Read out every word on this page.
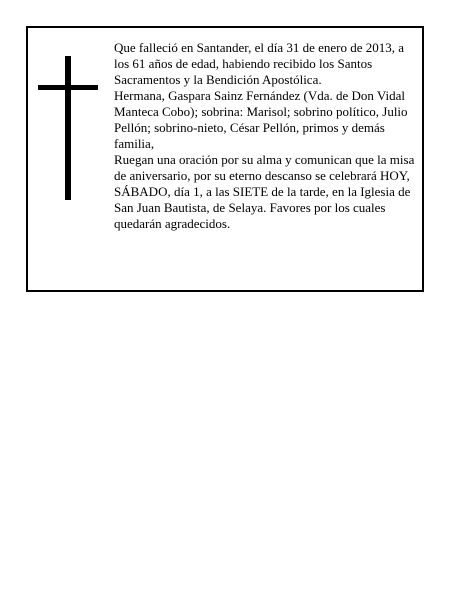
Que falleció en Santander, el día 31 de enero de 2013, a los 61 años de edad, habiendo recibido los Santos Sacramentos y la Bendición Apostólica.

Hermana, Gaspara Sainz Fernández (Vda. de Don Vidal Manteca Cobo); sobrina: Marisol; sobrino político, Julio Pellón; sobrino-nieto, César Pellón, primos y demás familia,

Ruegan una oración por su alma y comunican que la misa de aniversario, por su eterno descanso se celebrará HOY, SÁBADO, día 1, a las SIETE de la tarde, en la Iglesia de San Juan Bautista, de Selaya. Favores por los cuales quedarán agradecidos.
